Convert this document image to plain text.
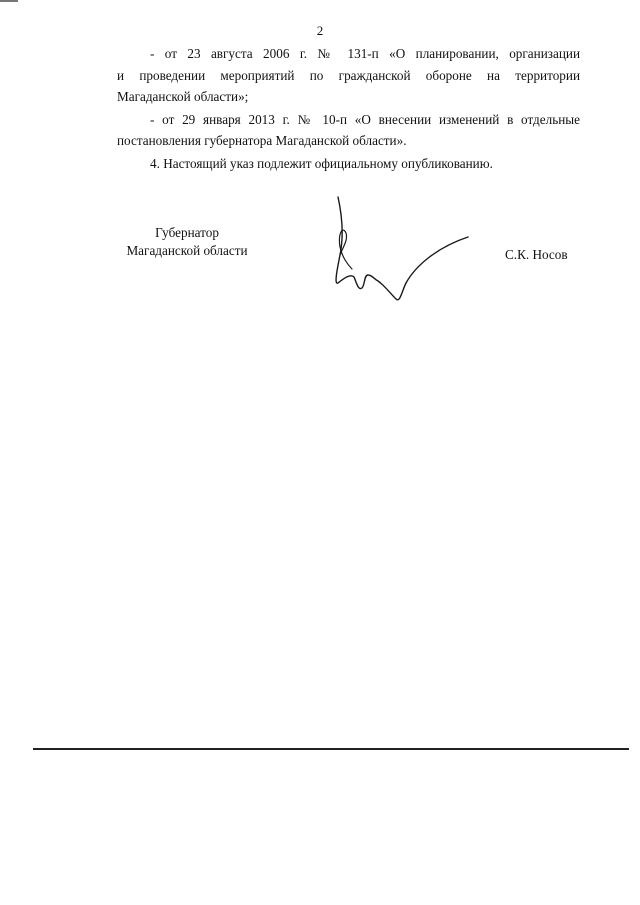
2

- от 23 августа 2006 г. № 131-п «О планировании, организации
и проведении мероприятий по гражданской обороне на территории
Магаданской области»;

- от 29 января 2013 г. № 10-п «О внесении изменений в отдельные
постановления губернатора Магаданской области».

4. Настоящий указ подлежит официальному опубликованию.

Губернатор
Магаданской области	С.К. Носов
